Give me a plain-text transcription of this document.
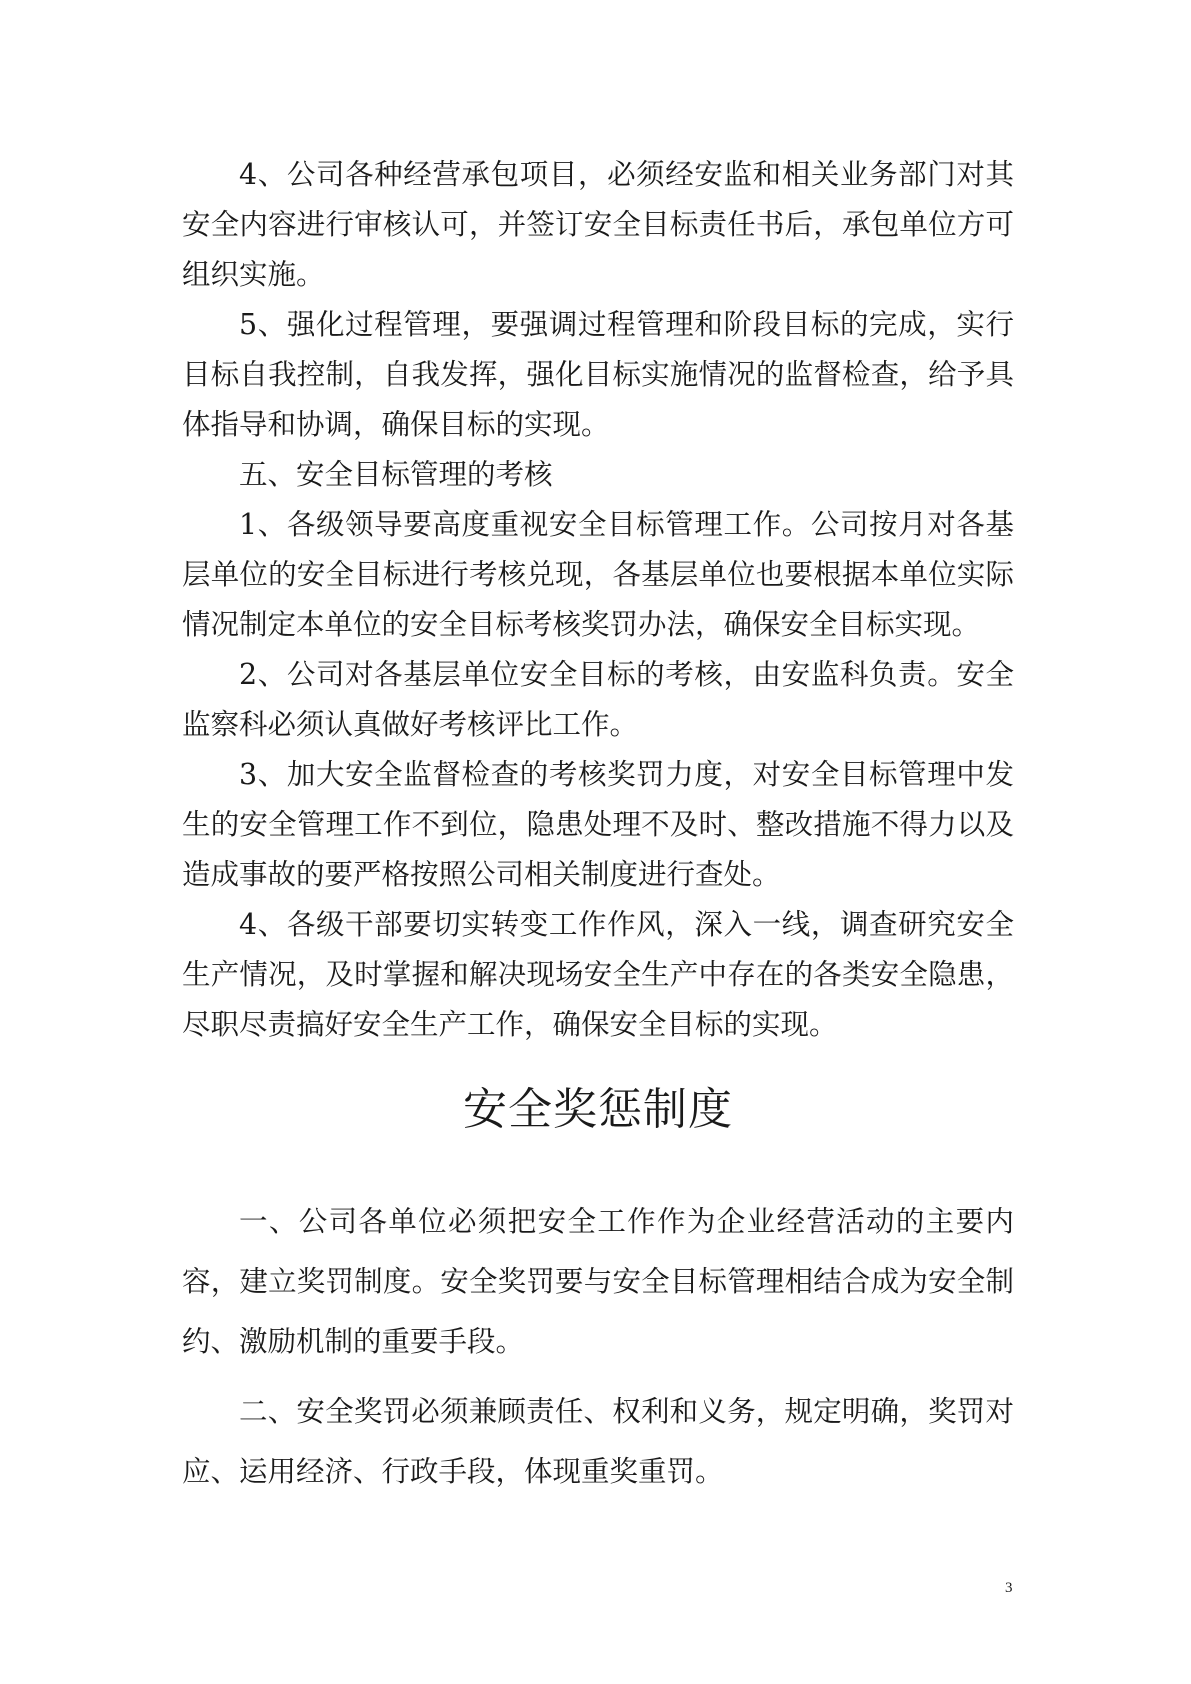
4、公司各种经营承包项目，必须经安监和相关业务部门对其安全内容进行审核认可，并签订安全目标责任书后，承包单位方可组织实施。

5、强化过程管理，要强调过程管理和阶段目标的完成，实行目标自我控制，自我发挥，强化目标实施情况的监督检查，给予具体指导和协调，确保目标的实现。

五、安全目标管理的考核

1、各级领导要高度重视安全目标管理工作。公司按月对各基层单位的安全目标进行考核兑现，各基层单位也要根据本单位实际情况制定本单位的安全目标考核奖罚办法，确保安全目标实现。

2、公司对各基层单位安全目标的考核，由安监科负责。安全监察科必须认真做好考核评比工作。

3、加大安全监督检查的考核奖罚力度，对安全目标管理中发生的安全管理工作不到位，隐患处理不及时、整改措施不得力以及造成事故的要严格按照公司相关制度进行查处。

4、各级干部要切实转变工作作风，深入一线，调查研究安全生产情况，及时掌握和解决现场安全生产中存在的各类安全隐患，尽职尽责搞好安全生产工作，确保安全目标的实现。

安全奖惩制度

一、公司各单位必须把安全工作作为企业经营活动的主要内容，建立奖罚制度。安全奖罚要与安全目标管理相结合成为安全制约、激励机制的重要手段。

二、安全奖罚必须兼顾责任、权利和义务，规定明确，奖罚对应、运用经济、行政手段，体现重奖重罚。

3
